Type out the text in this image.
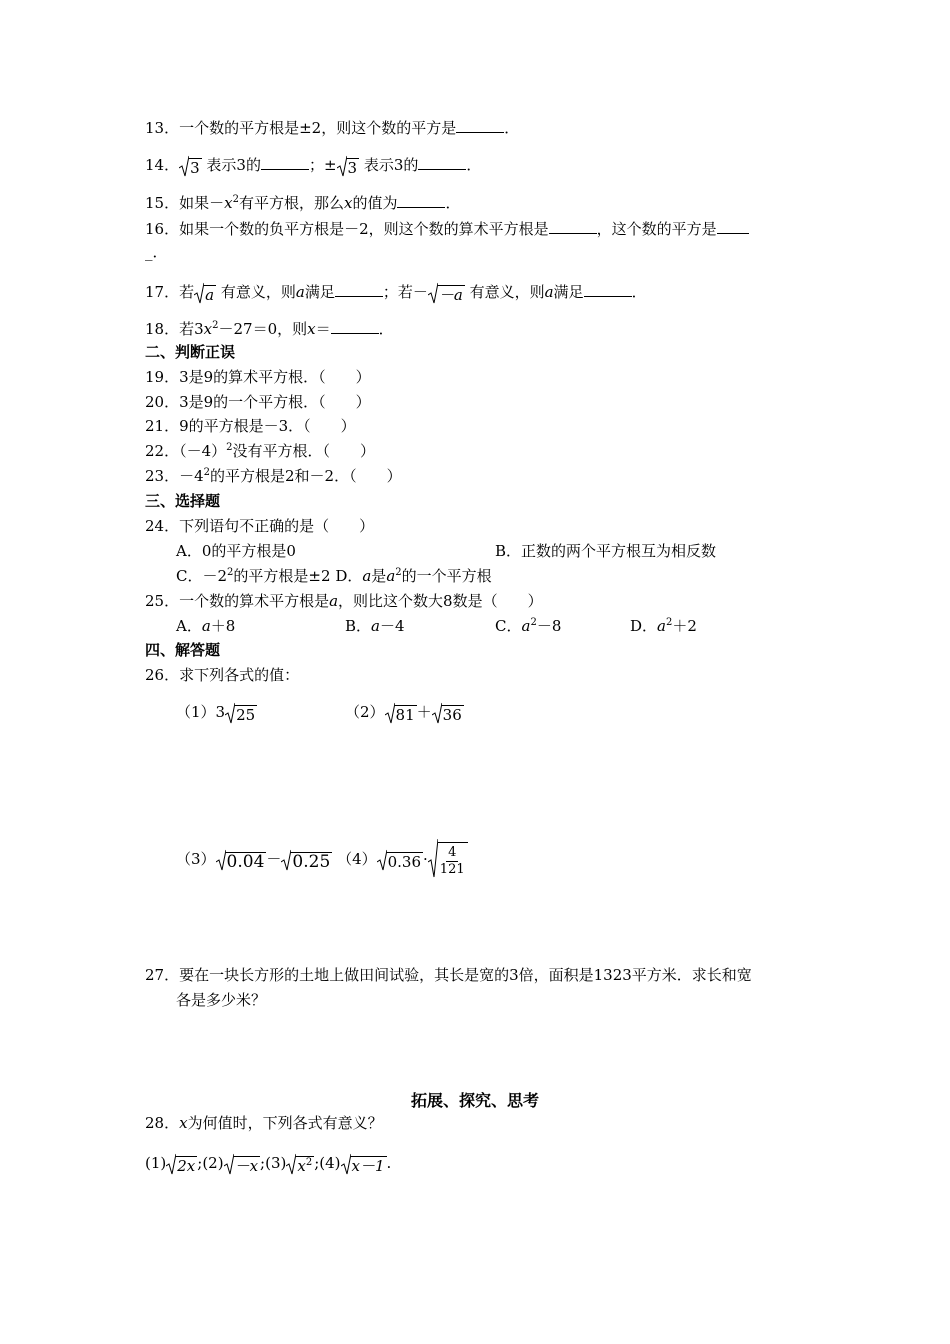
13．一个数的平方根是±2，则这个数的平方是	．
14． 3 表示3的	；± 3 表示3的	．
15．如果$-x^2$有平方根，那么x的值为	．
16．如果一个数的负平方根是－2，则这个数的算术平方根是	，这个数的平方是
_．
17．若 a 有意义，则a满足	；若－ －a 有意义，则a满足	．
18．若$3x^2-27=0$，则x＝	．
二、判断正误
19．3是9的算术平方根．（　　）
20．3是9的一个平方根．（　　）
21．9的平方根是－3．（　　）
22．$(-4)^2$没有平方根．（　　）
23．$-4^2$的平方根是2和－2．（　　）
三、选择题
24．下列语句不正确的是（　　）
A．0的平方根是0	B．正数的两个平方根互为相反数
C．$-2^2$的平方根是±2 D．a是$a^2$的一个平方根
25．一个数的算术平方根是a，则比这个数大8数是（　　）
A．a＋8	B．a－4	C．$a^2-8$	D．$a^2+2$
四、解答题
26．求下列各式的值：
（1）3 25	（2） 81 ＋ 36
（3） 0.04 － 0.25 （4） $0.36 \cdot \frac{4}{121}$
27．要在一块长方形的土地上做田间试验，其长是宽的3倍，面积是1323平方米．求长和宽
各是多少米？
拓展、探究、思考
28．x为何值时，下列各式有意义？
(1) 2x ;(2) －x ;(3) $x^2$ ;(4) x－1 .
